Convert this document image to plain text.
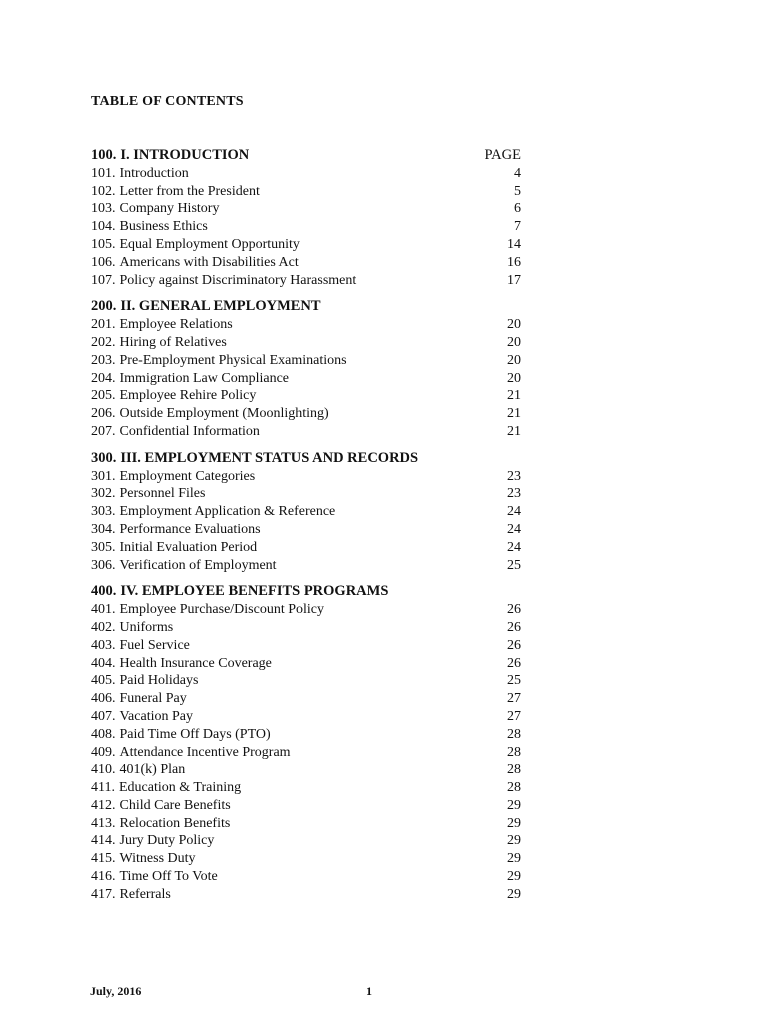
TABLE OF CONTENTS
100. I. INTRODUCTION	PAGE
101. Introduction	4
102. Letter from the President	5
103. Company History	6
104. Business Ethics	7
105. Equal Employment Opportunity	14
106. Americans with Disabilities Act	16
107. Policy against Discriminatory Harassment	17
200. II. GENERAL EMPLOYMENT
201. Employee Relations	20
202. Hiring of Relatives	20
203. Pre-Employment Physical Examinations	20
204. Immigration Law Compliance	20
205. Employee Rehire Policy	21
206. Outside Employment (Moonlighting)	21
207. Confidential Information	21
300. III. EMPLOYMENT STATUS AND RECORDS
301. Employment Categories	23
302. Personnel Files	23
303. Employment Application & Reference	24
304. Performance Evaluations	24
305. Initial Evaluation Period	24
306. Verification of Employment	25
400. IV. EMPLOYEE BENEFITS PROGRAMS
401. Employee Purchase/Discount Policy	26
402. Uniforms	26
403. Fuel Service	26
404. Health Insurance Coverage	26
405. Paid Holidays	25
406. Funeral Pay	27
407. Vacation Pay	27
408. Paid Time Off Days (PTO)	28
409. Attendance Incentive Program	28
410. 401(k) Plan	28
411. Education & Training	28
412. Child Care Benefits	29
413. Relocation Benefits	29
414. Jury Duty Policy	29
415. Witness Duty	29
416. Time Off To Vote	29
417. Referrals	29
July, 2016	1
